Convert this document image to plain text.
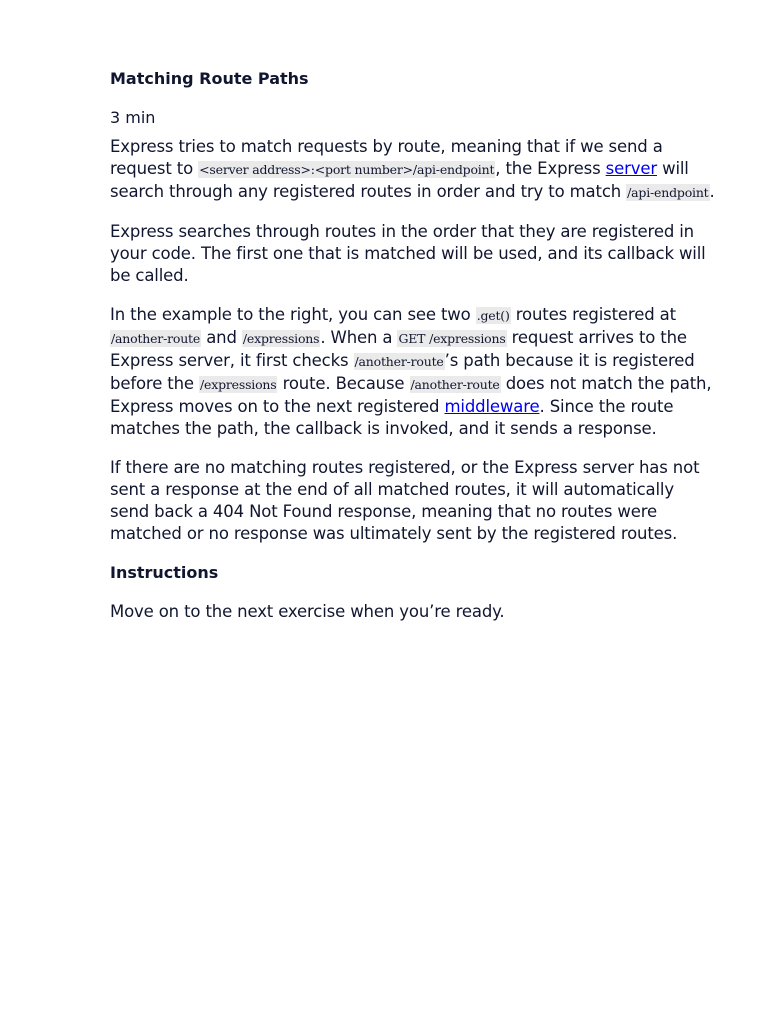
Matching Route Paths
3 min

Express tries to match requests by route, meaning that if we send a request to <server address>:<port number>/api-endpoint, the Express server will search through any registered routes in order and try to match /api-endpoint.

Express searches through routes in the order that they are registered in your code. The first one that is matched will be used, and its callback will be called.

In the example to the right, you can see two .get() routes registered at /another-route and /expressions. When a GET /expressions request arrives to the Express server, it first checks /another-route’s path because it is registered before the /expressions route. Because /another-route does not match the path, Express moves on to the next registered middleware. Since the route matches the path, the callback is invoked, and it sends a response.

If there are no matching routes registered, or the Express server has not sent a response at the end of all matched routes, it will automatically send back a 404 Not Found response, meaning that no routes were matched or no response was ultimately sent by the registered routes.

Instructions

Move on to the next exercise when you’re ready.
